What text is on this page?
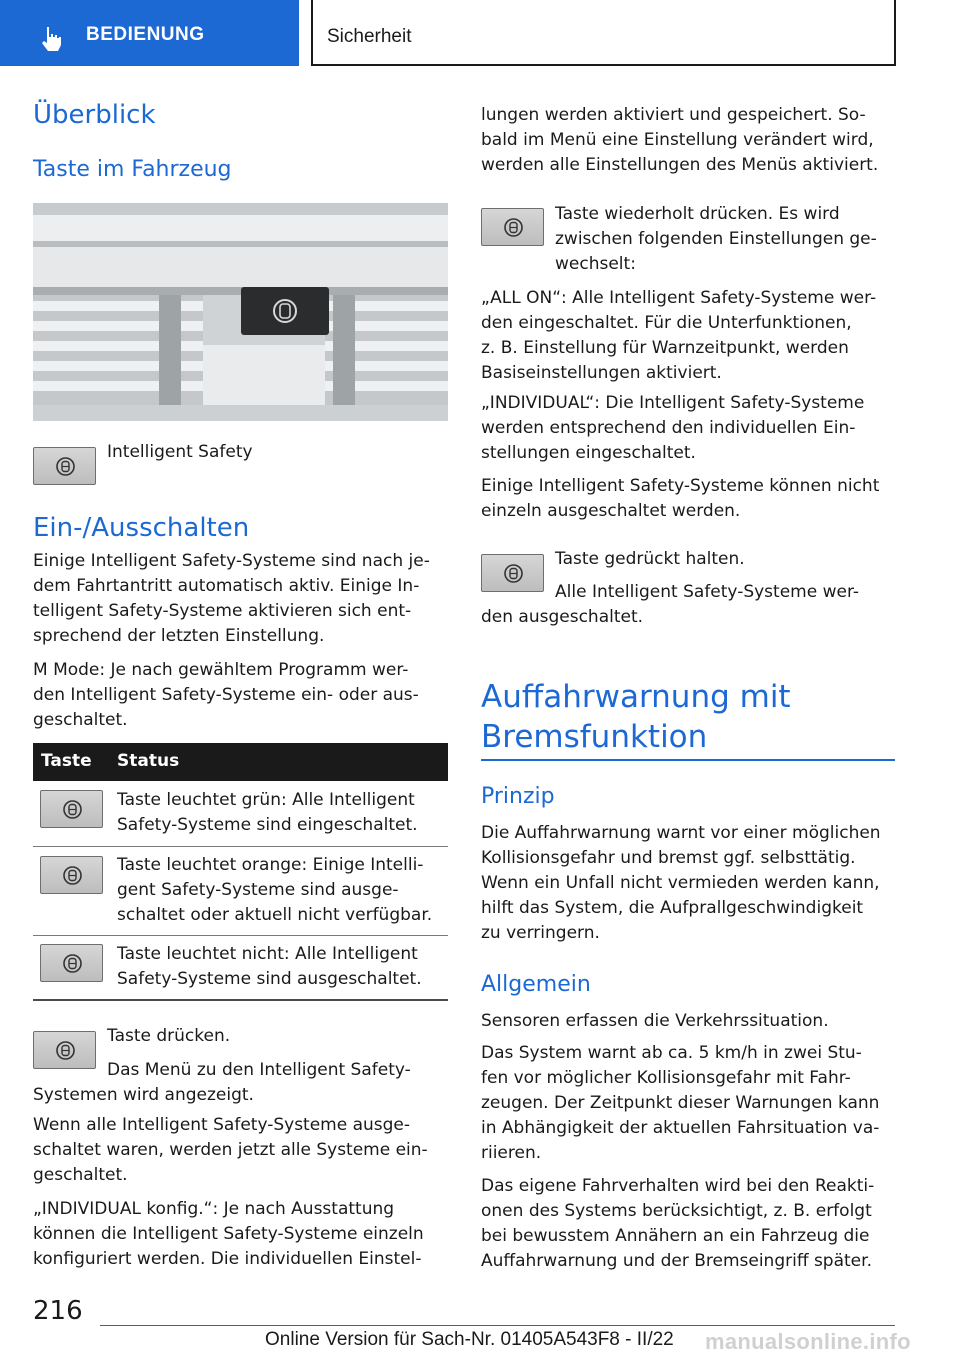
BEDIENUNG	Sicherheit
Überblick
Taste im Fahrzeug
Intelligent Safety
Ein-/Ausschalten
Einige Intelligent Safety-Systeme sind nach je-
dem Fahrtantritt automatisch aktiv. Einige In-
telligent Safety-Systeme aktivieren sich ent-
sprechend der letzten Einstellung.
M Mode: Je nach gewähltem Programm wer-
den Intelligent Safety-Systeme ein- oder aus-
geschaltet.
Taste Status
Taste leuchtet grün: Alle Intelligent
Safety-Systeme sind eingeschaltet.
Taste leuchtet orange: Einige Intelli-
gent Safety-Systeme sind ausge-
schaltet oder aktuell nicht verfügbar.
Taste leuchtet nicht: Alle Intelligent
Safety-Systeme sind ausgeschaltet.
Taste drücken.
Das Menü zu den Intelligent Safety-
Systemen wird angezeigt.
Wenn alle Intelligent Safety-Systeme ausge-
schaltet waren, werden jetzt alle Systeme ein-
geschaltet.
„INDIVIDUAL konfig.“: Je nach Ausstattung
können die Intelligent Safety-Systeme einzeln
konfiguriert werden. Die individuellen Einstel-
lungen werden aktiviert und gespeichert. So-
bald im Menü eine Einstellung verändert wird,
werden alle Einstellungen des Menüs aktiviert.
Taste wiederholt drücken. Es wird
zwischen folgenden Einstellungen ge-
wechselt:
„ALL ON“: Alle Intelligent Safety-Systeme wer-
den eingeschaltet. Für die Unterfunktionen,
z. B. Einstellung für Warnzeitpunkt, werden
Basiseinstellungen aktiviert.
„INDIVIDUAL“: Die Intelligent Safety-Systeme
werden entsprechend den individuellen Ein-
stellungen eingeschaltet.
Einige Intelligent Safety-Systeme können nicht
einzeln ausgeschaltet werden.
Taste gedrückt halten.
Alle Intelligent Safety-Systeme wer-
den ausgeschaltet.
Auffahrwarnung mit
Bremsfunktion
Prinzip
Die Auffahrwarnung warnt vor einer möglichen
Kollisionsgefahr und bremst ggf. selbsttätig.
Wenn ein Unfall nicht vermieden werden kann,
hilft das System, die Aufprallgeschwindigkeit
zu verringern.
Allgemein
Sensoren erfassen die Verkehrssituation.
Das System warnt ab ca. 5 km/h in zwei Stu-
fen vor möglicher Kollisionsgefahr mit Fahr-
zeugen. Der Zeitpunkt dieser Warnungen kann
in Abhängigkeit der aktuellen Fahrsituation va-
riieren.
Das eigene Fahrverhalten wird bei den Reakti-
onen des Systems berücksichtigt, z. B. erfolgt
bei bewusstem Annähern an ein Fahrzeug die
Auffahrwarnung und der Bremseingriff später.
216
Online Version für Sach-Nr. 01405A543F8 - II/22 manualsonline.info
